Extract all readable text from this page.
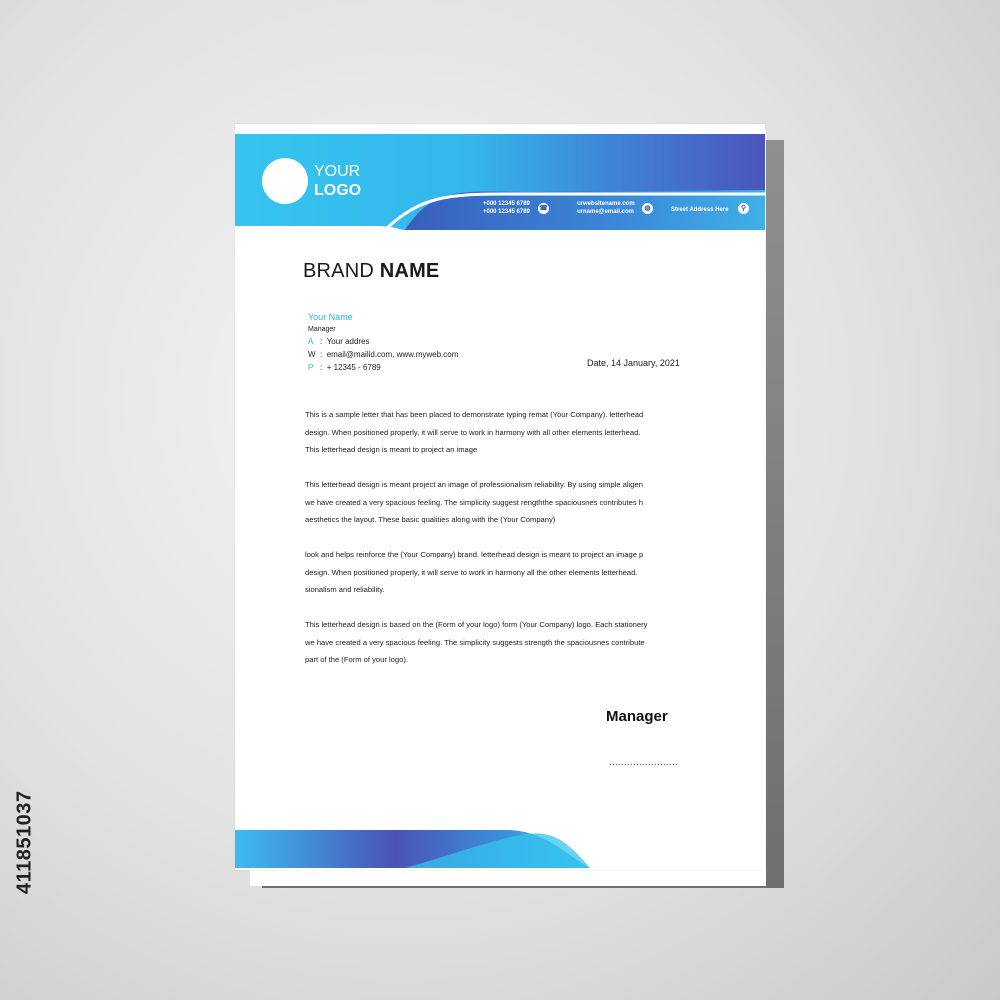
411851037
YOUR
LOGO
+000 12345 6789
+000 12345 6789 ☎
urwebsitename.com
urname@email.com	◍	Street Address Here	⚲
BRAND NAME
Your Name
Manager
A : Your addres
W : email@mailid.com, www.myweb.com
P : + 12345 - 6789	Date, 14 January, 2021

This is a sample letter that has been placed to demonstrate typing remat (Your Company). letterhead
design. When positioned properly, it will serve to work in harmony with all other elements letterhead.
This letterhead design is meant to project an image

This letterhead design is meant project an image of professionalism reliability. By using simple aligen
we have created a very spacious feeling. The simplicity suggest rengththe spaciousnes contributes h
aesthetics the layout. These basic qualities along with the (Your Company)

look and helps reinforce the (Your Company) brand. letterhead design is meant to project an image p
design. When positioned properly, it will serve to work in harmony all the other elements letterhead.
sionalism and reliability.

This letterhead design is based on the (Form of your logo) form (Your Company) logo. Each stationery
we have created a very spacious feeling. The simplicity suggests strength the spaciousnes contribute
part of the (Form of your logo).

Manager
.......................
